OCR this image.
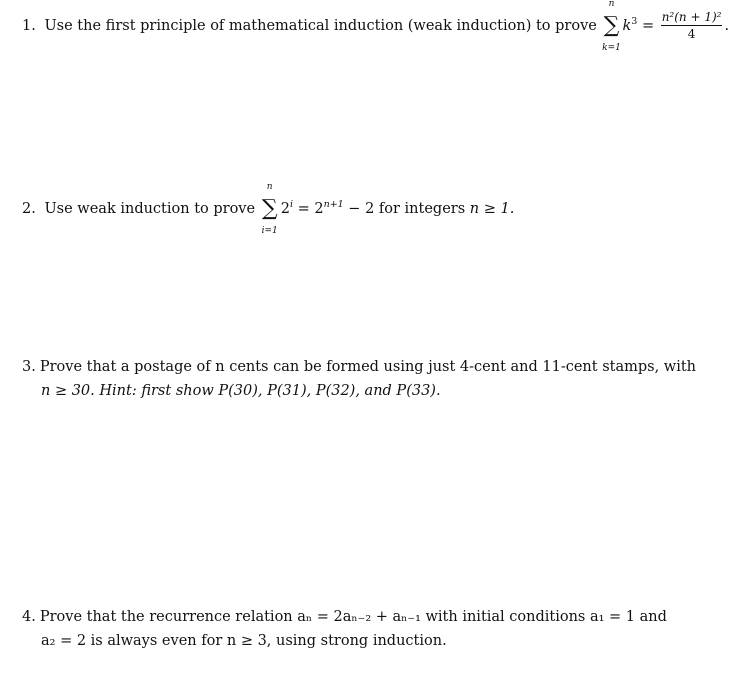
1. Use the first principle of mathematical induction (weak induction) to prove
n
∑
k=1
$k^3 = \frac{\text{n²(n + 1)²}}{4}$ .
2. Use weak induction to prove
n
∑
i=1
$2^i = 2^{n+1} - 2$ for integers n ≥ 1.
3. Prove that a postage of n cents can be formed using just 4-cent and 11-cent stamps, with
n ≥ 30. Hint: first show P(30), P(31), P(32), and P(33).
4. Prove that the recurrence relation aₙ = 2aₙ₋₂ + aₙ₋₁ with initial conditions a₁ = 1 and
a₂ = 2 is always even for n ≥ 3, using strong induction.
